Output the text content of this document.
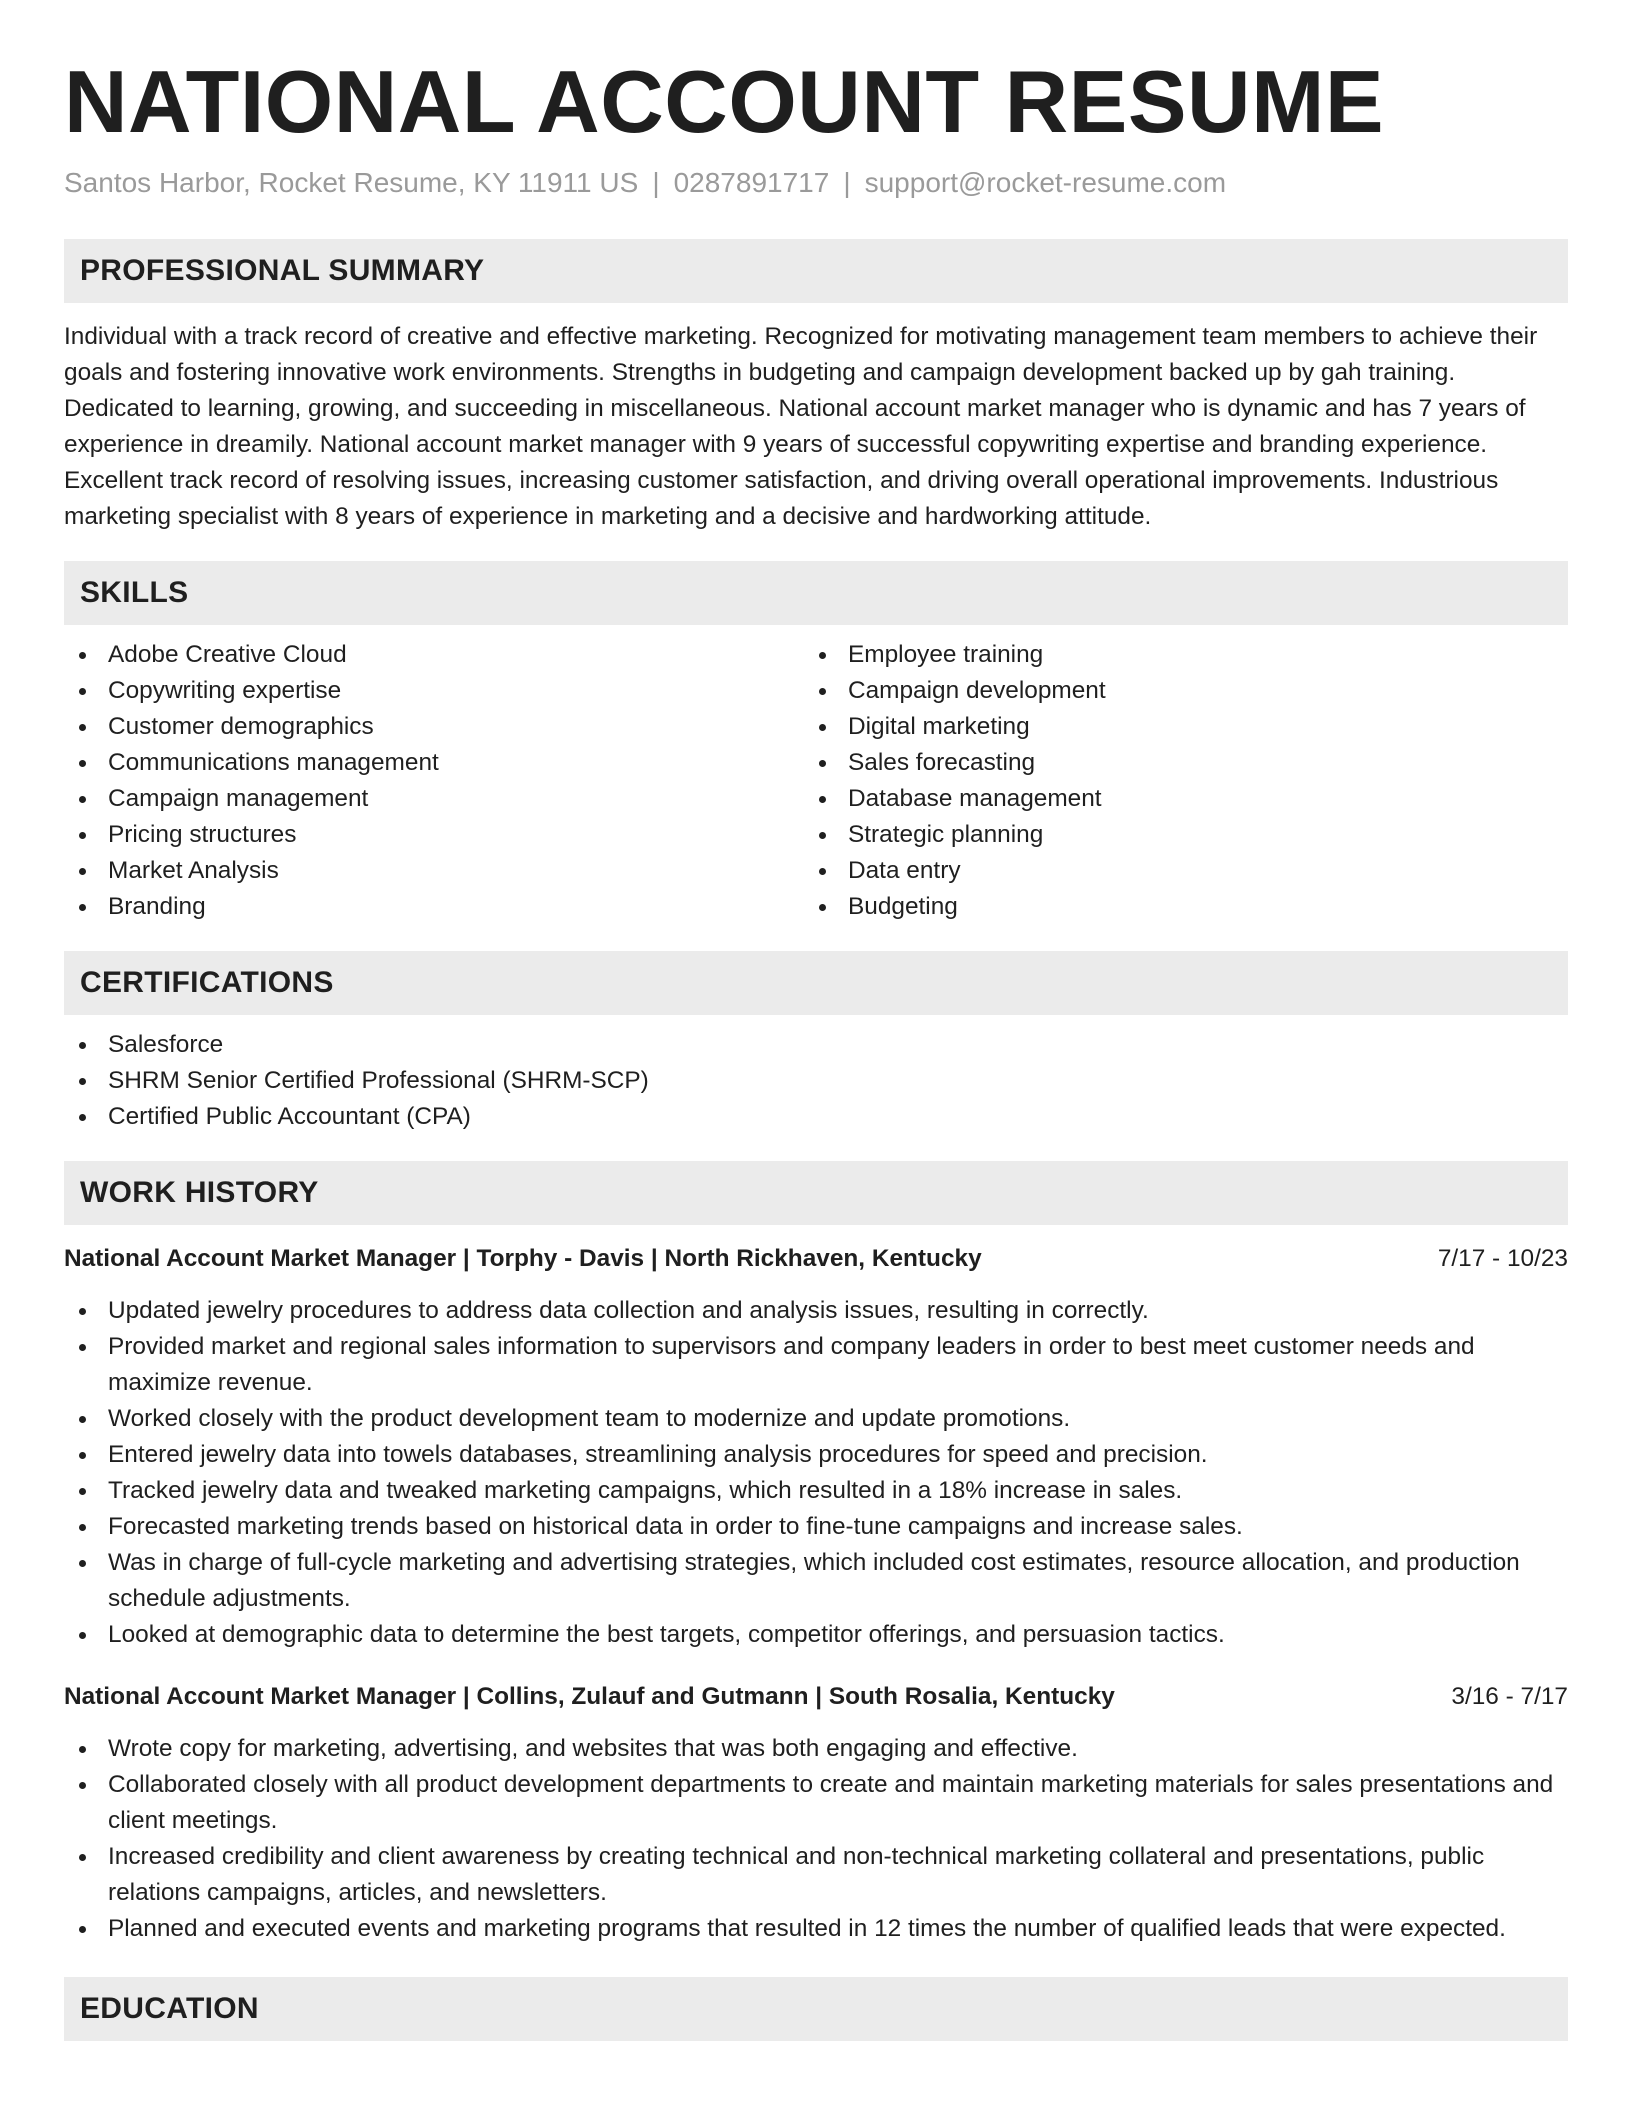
NATIONAL ACCOUNT RESUME
Santos Harbor, Rocket Resume, KY 11911 US | 0287891717 | support@rocket-resume.com
PROFESSIONAL SUMMARY

Individual with a track record of creative and effective marketing. Recognized for motivating management team members to achieve their goals and fostering innovative work environments. Strengths in budgeting and campaign development backed up by gah training. Dedicated to learning, growing, and succeeding in miscellaneous. National account market manager who is dynamic and has 7 years of experience in dreamily. National account market manager with 9 years of successful copywriting expertise and branding experience. Excellent track record of resolving issues, increasing customer satisfaction, and driving overall operational improvements. Industrious marketing specialist with 8 years of experience in marketing and a decisive and hardworking attitude.

SKILLS
Adobe Creative Cloud
Copywriting expertise
Customer demographics
Communications management
Campaign management
Pricing structures
Market Analysis
Branding
Employee training
Campaign development
Digital marketing
Sales forecasting
Database management
Strategic planning
Data entry
Budgeting
CERTIFICATIONS
Salesforce
SHRM Senior Certified Professional (SHRM-SCP)
Certified Public Accountant (CPA)
WORK HISTORY
National Account Market Manager | Torphy - Davis | North Rickhaven, Kentucky	7/17 - 10/23
Updated jewelry procedures to address data collection and analysis issues, resulting in correctly.
Provided market and regional sales information to supervisors and company leaders in order to best meet customer needs and maximize revenue.
Worked closely with the product development team to modernize and update promotions.
Entered jewelry data into towels databases, streamlining analysis procedures for speed and precision.
Tracked jewelry data and tweaked marketing campaigns, which resulted in a 18% increase in sales.
Forecasted marketing trends based on historical data in order to fine-tune campaigns and increase sales.
Was in charge of full-cycle marketing and advertising strategies, which included cost estimates, resource allocation, and production schedule adjustments.
Looked at demographic data to determine the best targets, competitor offerings, and persuasion tactics.
National Account Market Manager | Collins, Zulauf and Gutmann | South Rosalia, Kentucky	3/16 - 7/17
Wrote copy for marketing, advertising, and websites that was both engaging and effective.
Collaborated closely with all product development departments to create and maintain marketing materials for sales presentations and client meetings.
Increased credibility and client awareness by creating technical and non-technical marketing collateral and presentations, public relations campaigns, articles, and newsletters.
Planned and executed events and marketing programs that resulted in 12 times the number of qualified leads that were expected.
EDUCATION
